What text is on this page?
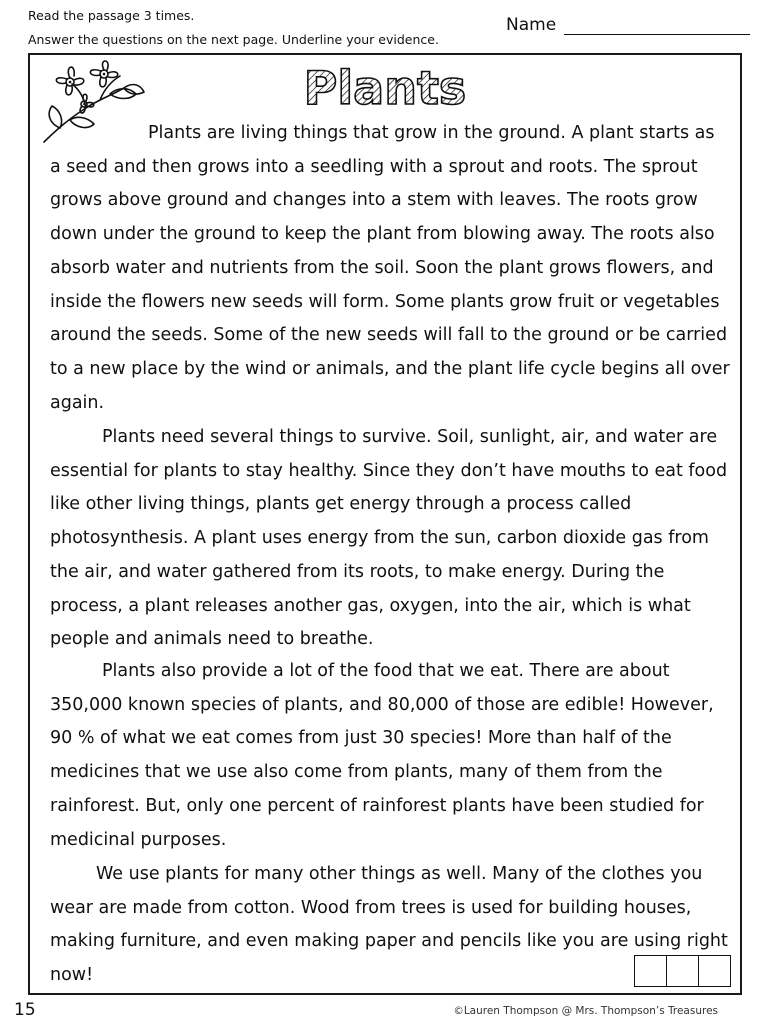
Read the passage 3 times.
Answer the questions on the next page. Underline your evidence.
Name
Plants

Plants are living things that grow in the ground. A plant starts as a seed and then grows into a seedling with a sprout and roots. The sprout grows above ground and changes into a stem with leaves. The roots grow down under the ground to keep the plant from blowing away. The roots also absorb water and nutrients from the soil. Soon the plant grows flowers, and inside the flowers new seeds will form. Some plants grow fruit or vegetables around the seeds. Some of the new seeds will fall to the ground or be carried to a new place by the wind or animals, and the plant life cycle begins all over again.

Plants need several things to survive. Soil, sunlight, air, and water are essential for plants to stay healthy. Since they don’t have mouths to eat food like other living things, plants get energy through a process called photosynthesis. A plant uses energy from the sun, carbon dioxide gas from the air, and water gathered from its roots, to make energy. During the process, a plant releases another gas, oxygen, into the air, which is what people and animals need to breathe.

Plants also provide a lot of the food that we eat. There are about 350,000 known species of plants, and 80,000 of those are edible! However, 90 % of what we eat comes from just 30 species! More than half of the medicines that we use also come from plants, many of them from the rainforest. But, only one percent of rainforest plants have been studied for medicinal purposes.

We use plants for many other things as well. Many of the clothes you wear are made from cotton. Wood from trees is used for building houses, making furniture, and even making paper and pencils like you are using right now!

15	©Lauren Thompson @ Mrs. Thompson’s Treasures
